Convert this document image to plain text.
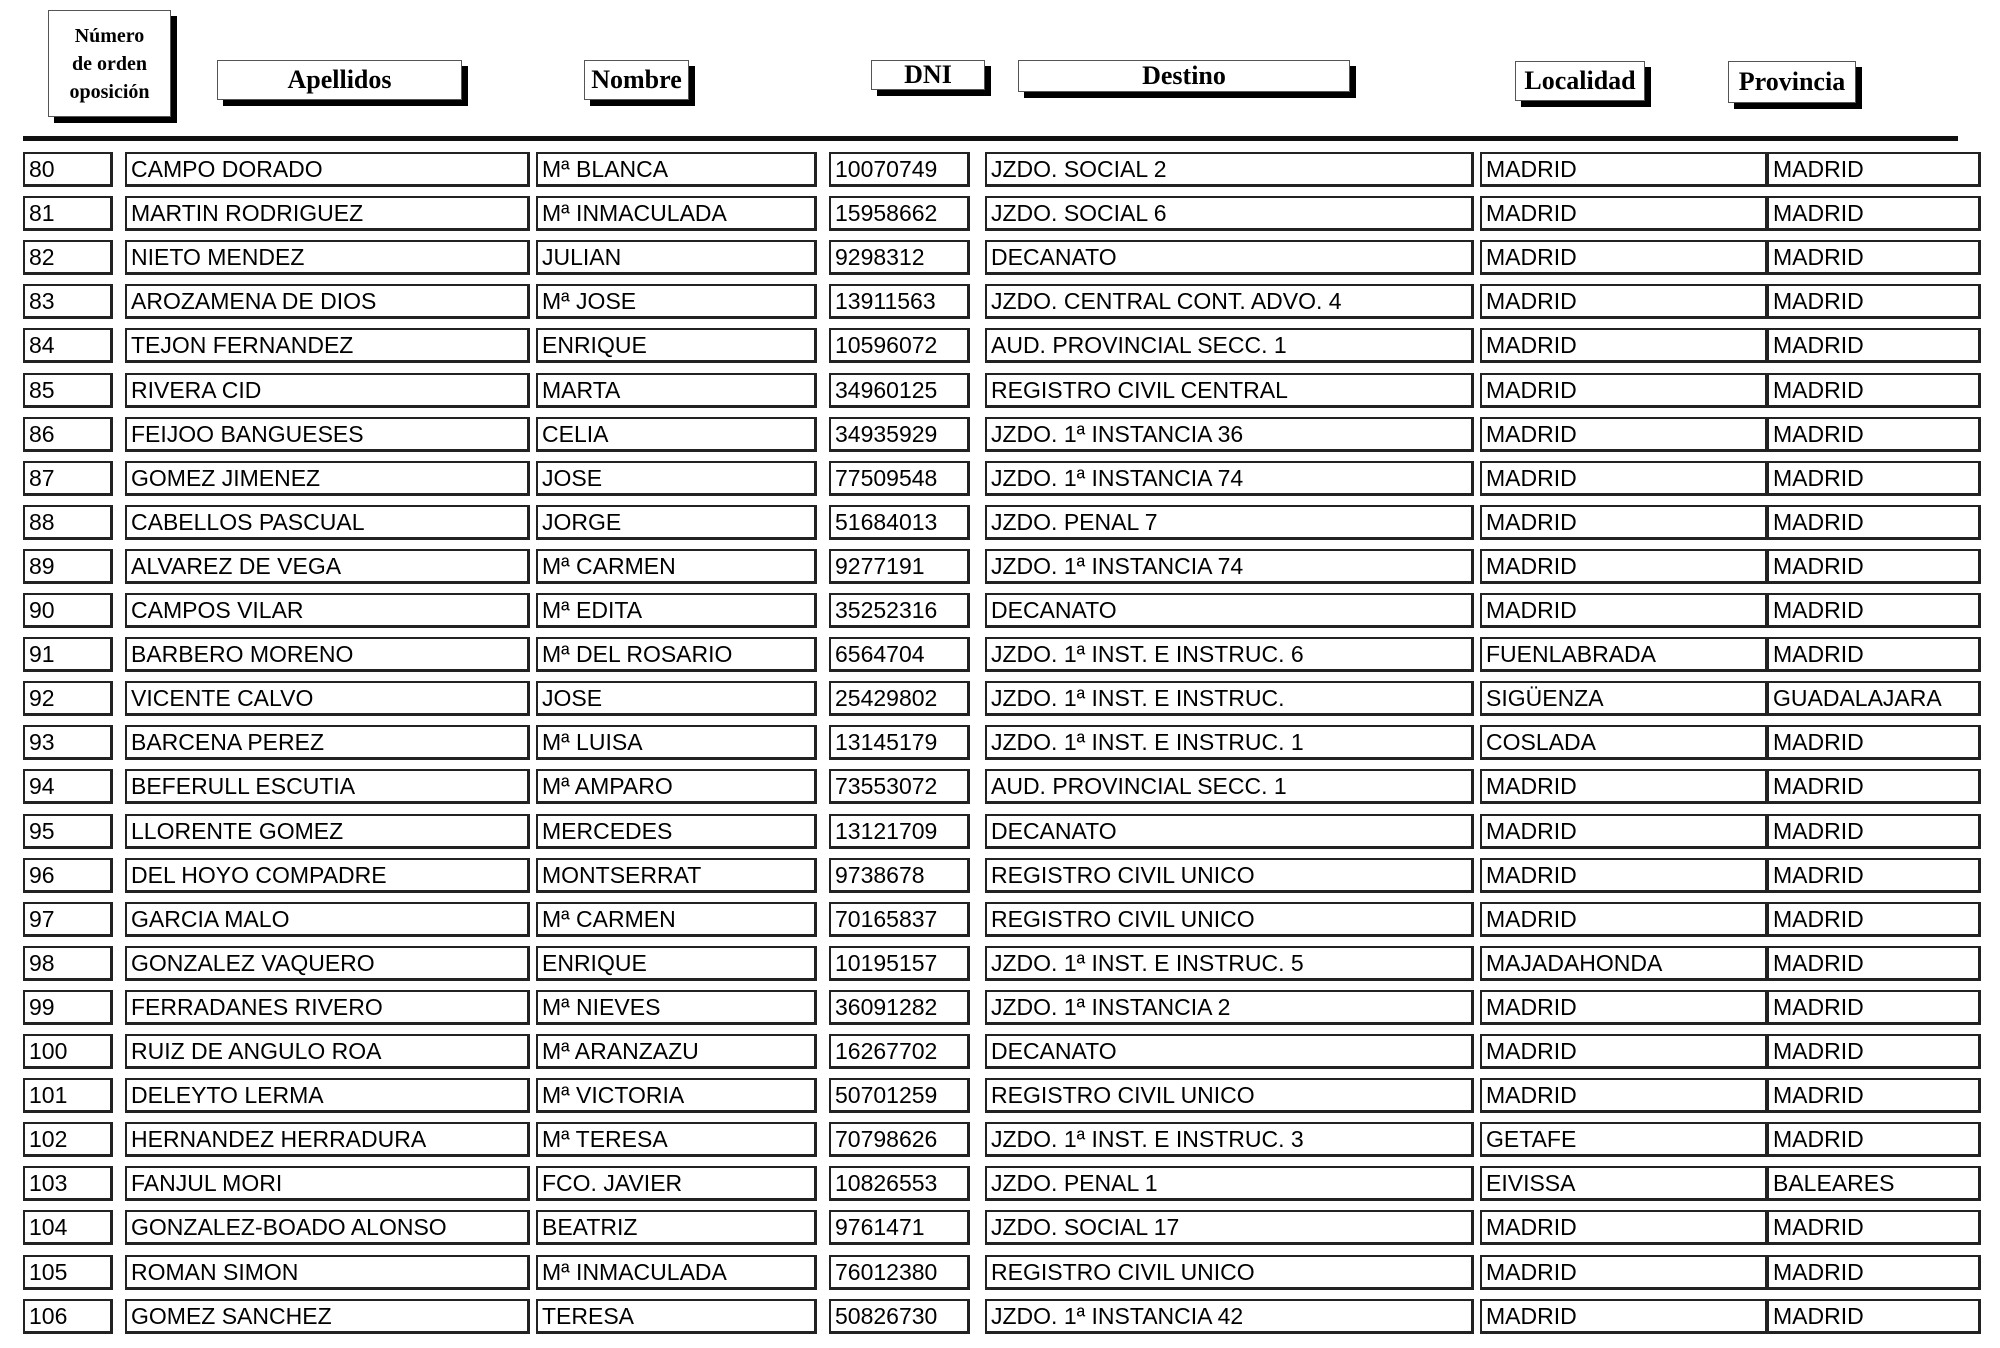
Número
de orden
oposición	Apellidos	Nombre	DNI	Destino	Localidad	Provincia
80	CAMPO DORADO	Mª BLANCA	10070749	JZDO. SOCIAL 2	MADRID	MADRID
81	MARTIN RODRIGUEZ	Mª INMACULADA	15958662	JZDO. SOCIAL 6	MADRID	MADRID
82	NIETO MENDEZ	JULIAN	9298312	DECANATO	MADRID	MADRID
83	AROZAMENA DE DIOS	Mª JOSE	13911563	JZDO. CENTRAL CONT. ADVO. 4	MADRID	MADRID
84	TEJON FERNANDEZ	ENRIQUE	10596072	AUD. PROVINCIAL SECC. 1	MADRID	MADRID
85	RIVERA CID	MARTA	34960125	REGISTRO CIVIL CENTRAL	MADRID	MADRID
86	FEIJOO BANGUESES	CELIA	34935929	JZDO. 1ª INSTANCIA 36	MADRID	MADRID
87	GOMEZ JIMENEZ	JOSE	77509548	JZDO. 1ª INSTANCIA 74	MADRID	MADRID
88	CABELLOS PASCUAL	JORGE	51684013	JZDO. PENAL 7	MADRID	MADRID
89	ALVAREZ DE VEGA	Mª CARMEN	9277191	JZDO. 1ª INSTANCIA 74	MADRID	MADRID
90	CAMPOS VILAR	Mª EDITA	35252316	DECANATO	MADRID	MADRID
91	BARBERO MORENO	Mª DEL ROSARIO	6564704	JZDO. 1ª INST. E INSTRUC. 6	FUENLABRADA	MADRID
92	VICENTE CALVO	JOSE	25429802	JZDO. 1ª INST. E INSTRUC.	SIGÜENZA	GUADALAJARA
93	BARCENA PEREZ	Mª LUISA	13145179	JZDO. 1ª INST. E INSTRUC. 1	COSLADA	MADRID
94	BEFERULL ESCUTIA	Mª AMPARO	73553072	AUD. PROVINCIAL SECC. 1	MADRID	MADRID
95	LLORENTE GOMEZ	MERCEDES	13121709	DECANATO	MADRID	MADRID
96	DEL HOYO COMPADRE	MONTSERRAT	9738678	REGISTRO CIVIL UNICO	MADRID	MADRID
97	GARCIA MALO	Mª CARMEN	70165837	REGISTRO CIVIL UNICO	MADRID	MADRID
98	GONZALEZ VAQUERO	ENRIQUE	10195157	JZDO. 1ª INST. E INSTRUC. 5	MAJADAHONDA	MADRID
99	FERRADANES RIVERO	Mª NIEVES	36091282	JZDO. 1ª INSTANCIA 2	MADRID	MADRID
100	RUIZ DE ANGULO ROA	Mª ARANZAZU	16267702	DECANATO	MADRID	MADRID
101	DELEYTO LERMA	Mª VICTORIA	50701259	REGISTRO CIVIL UNICO	MADRID	MADRID
102	HERNANDEZ HERRADURA	Mª TERESA	70798626	JZDO. 1ª INST. E INSTRUC. 3	GETAFE	MADRID
103	FANJUL MORI	FCO. JAVIER	10826553	JZDO. PENAL 1	EIVISSA	BALEARES
104	GONZALEZ-BOADO ALONSO	BEATRIZ	9761471	JZDO. SOCIAL 17	MADRID	MADRID
105	ROMAN SIMON	Mª INMACULADA	76012380	REGISTRO CIVIL UNICO	MADRID	MADRID
106	GOMEZ SANCHEZ	TERESA	50826730	JZDO. 1ª INSTANCIA 42	MADRID	MADRID
